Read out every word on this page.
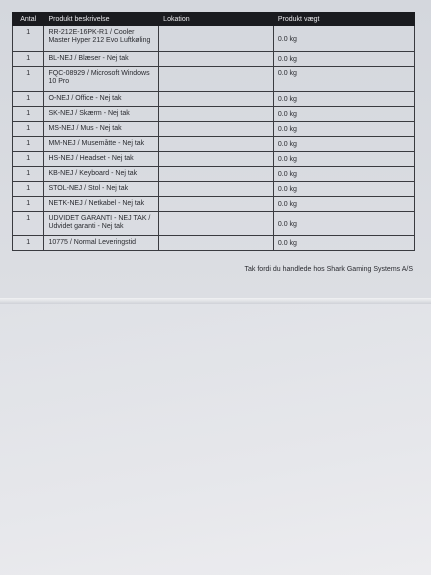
Antal	Produkt beskrivelse	Lokation	Produkt vægt
1	RR-212E-16PK-R1 / Cooler Master Hyper 212 Evo Luftkøling		0.0 kg
1	BL-NEJ / Blæser - Nej tak		0.0 kg
1	FQC-08929 / Microsoft Windows 10 Pro		0.0 kg
1	O-NEJ / Office - Nej tak		0.0 kg
1	SK-NEJ / Skærm - Nej tak		0.0 kg
1	MS-NEJ / Mus - Nej tak		0.0 kg
1	MM-NEJ / Musemåtte - Nej tak		0.0 kg
1	HS-NEJ / Headset - Nej tak		0.0 kg
1	KB-NEJ / Keyboard - Nej tak		0.0 kg
1	STOL-NEJ / Stol - Nej tak		0.0 kg
1	NETK-NEJ / Netkabel - Nej tak		0.0 kg
1	UDVIDET GARANTI - NEJ TAK / Udvidet garanti - Nej tak		0.0 kg
1	10775 / Normal Leveringstid		0.0 kg
Tak fordi du handlede hos Shark Gaming Systems A/S
